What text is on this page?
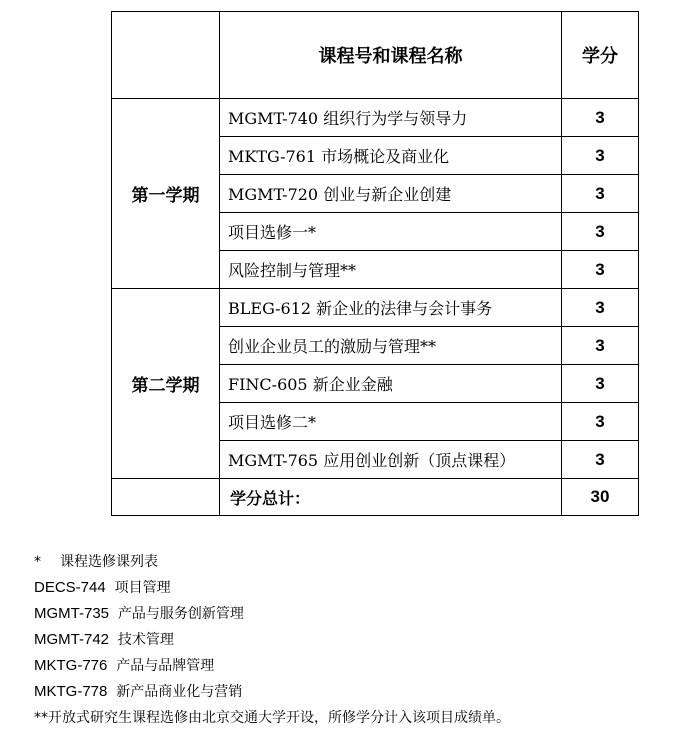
	课程号和课程名称	学分
第一学期	MGMT-740 组织行为学与领导力	3
	MKTG-761 市场概论及商业化	3
	MGMT-720 创业与新企业创建	3
	项目选修一*	3
	风险控制与管理**	3
第二学期	BLEG-612 新企业的法律与会计事务	3
	创业企业员工的激励与管理**	3
	FINC-605 新企业金融	3
	项目选修二*	3
	MGMT-765 应用创业创新（顶点课程）	3
	学分总计：	30
* 课程选修课列表
DECS-744 项目管理
MGMT-735 产品与服务创新管理
MGMT-742 技术管理
MKTG-776 产品与品牌管理
MKTG-778 新产品商业化与营销
**开放式研究生课程选修由北京交通大学开设，所修学分计入该项目成绩单。
